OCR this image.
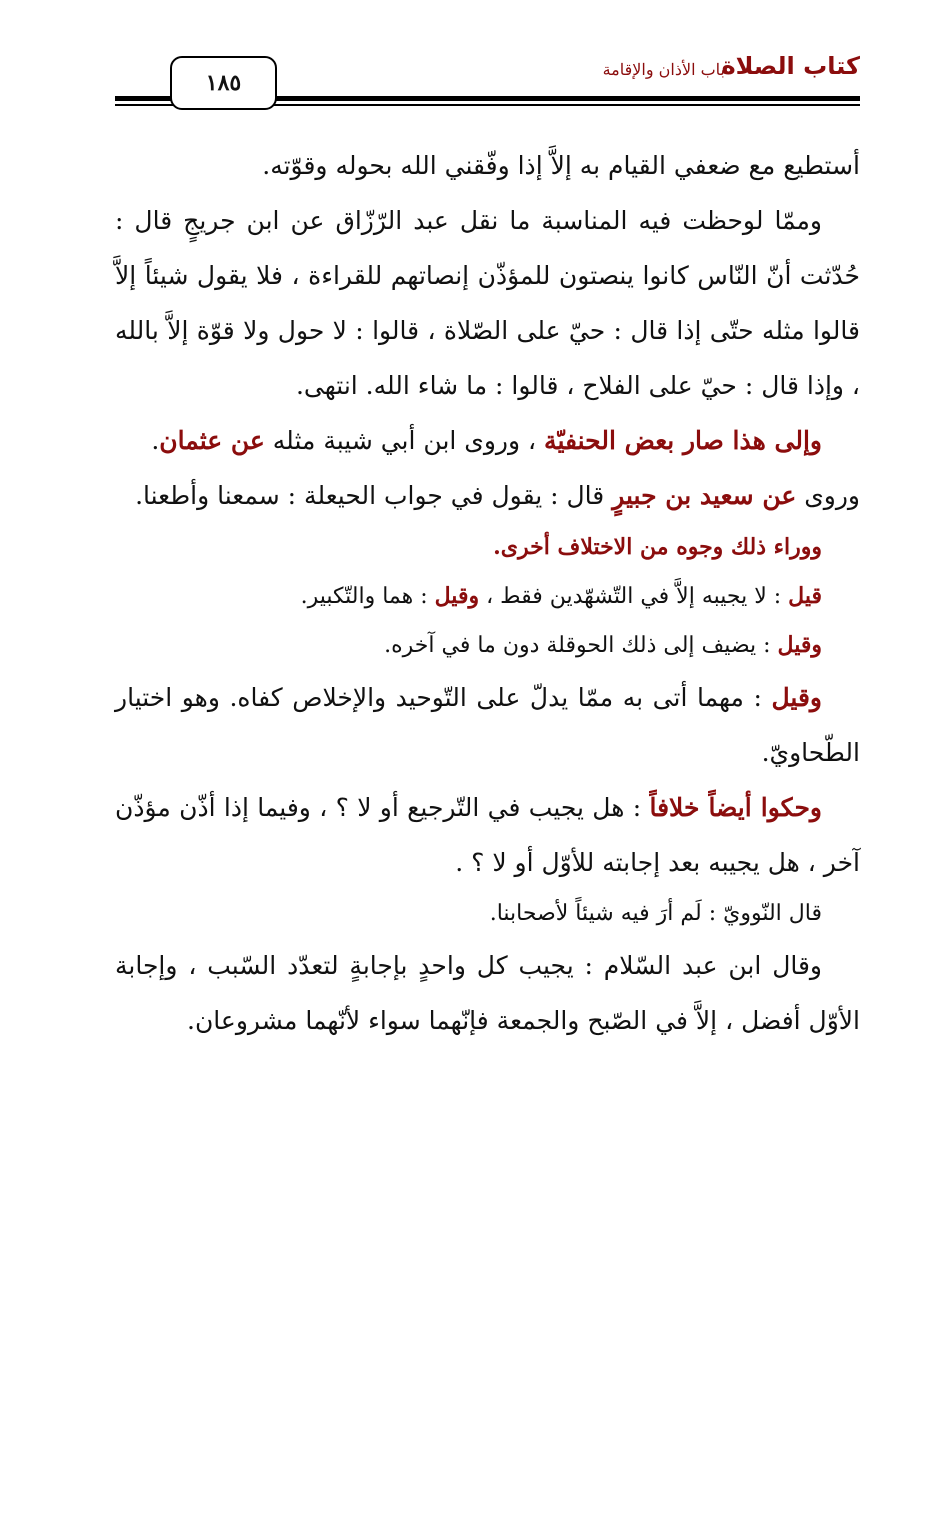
كتاب الصلاة
باب الأذان والإقامة
١٨٥

أستطيع مع ضعفي القيام به إلاَّ إذا وفّقني الله بحوله وقوّته.

وممّا لوحظت فيه المناسبة ما نقل عبد الرّزّاق عن ابن جريجٍ قال : حُدّثت أنّ النّاس كانوا ينصتون للمؤذّن إنصاتهم للقراءة ، فلا يقول شيئاً إلاَّ قالوا مثله حتّى إذا قال : حيّ على الصّلاة ، قالوا : لا حول ولا قوّة إلاَّ بالله ، وإذا قال : حيّ على الفلاح ، قالوا : ما شاء الله. انتهى.

وإلى هذا صار بعض الحنفيّة ، وروى ابن أبي شيبة مثله عن عثمان.

وروى عن سعيد بن جبيرٍ قال : يقول في جواب الحيعلة : سمعنا وأطعنا.

ووراء ذلك وجوه من الاختلاف أخرى.

قيل : لا يجيبه إلاَّ في التّشهّدين فقط ، وقيل : هما والتّكبير.

وقيل : يضيف إلى ذلك الحوقلة دون ما في آخره.

وقيل : مهما أتى به ممّا يدلّ على التّوحيد والإخلاص كفاه. وهو اختيار الطّحاويّ.

وحكوا أيضاً خلافاً : هل يجيب في التّرجيع أو لا ؟ ، وفيما إذا أذّن مؤذّن آخر ، هل يجيبه بعد إجابته للأوّل أو لا ؟ .

قال النّوويّ : لَم أرَ فيه شيئاً لأصحابنا.

وقال ابن عبد السّلام : يجيب كل واحدٍ بإجابةٍ لتعدّد السّبب ، وإجابة الأوّل أفضل ، إلاَّ في الصّبح والجمعة فإنّهما سواء لأنّهما مشروعان.
